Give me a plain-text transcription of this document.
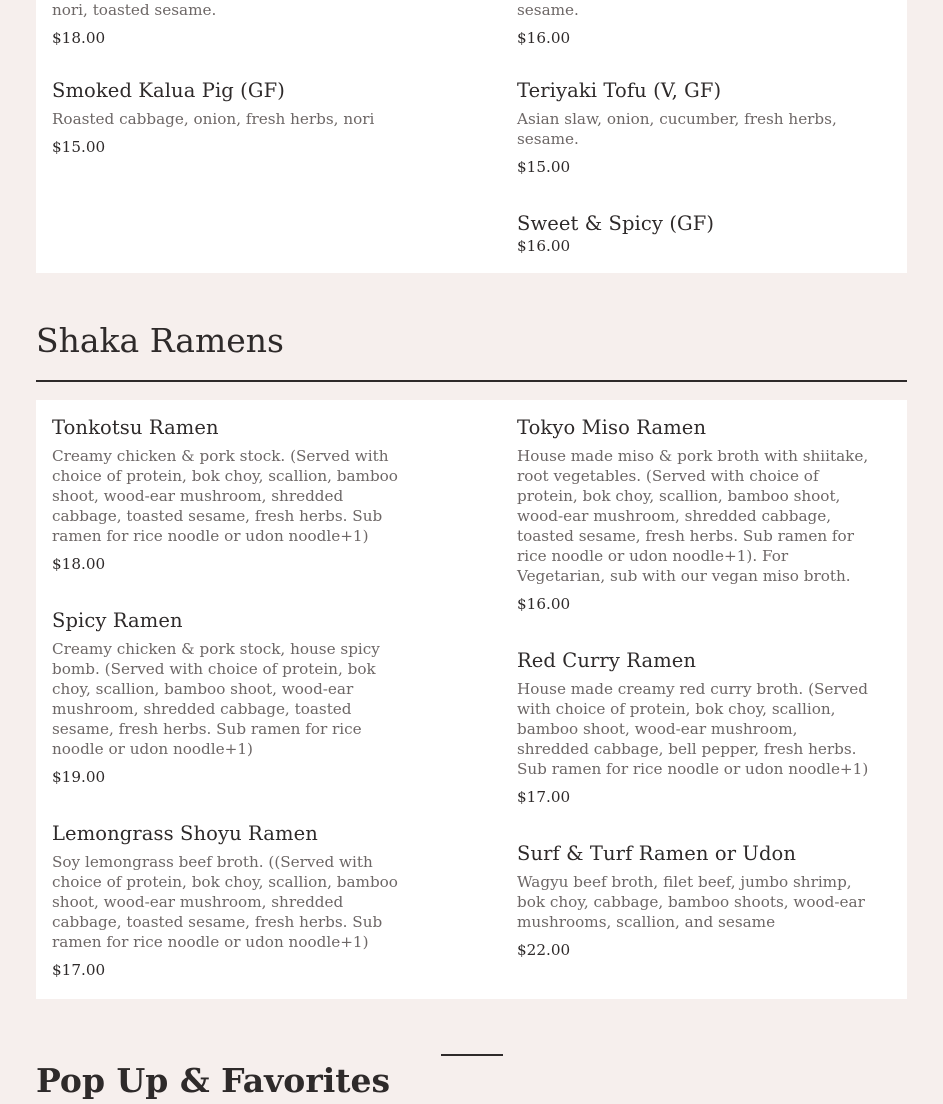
nori, toasted sesame.

$18.00

sesame.

$16.00

Smoked Kalua Pig (GF)

Roasted cabbage, onion, fresh herbs, nori

$15.00

Teriyaki Tofu (V, GF)

Asian slaw, onion, cucumber, fresh herbs, sesame.

$15.00

Sweet & Spicy (GF)

$16.00

Shaka Ramens
Tonkotsu Ramen

Creamy chicken & pork stock. (Served with choice of protein, bok choy, scallion, bamboo shoot, wood-ear mushroom, shredded cabbage, toasted sesame, fresh herbs. Sub ramen for rice noodle or udon noodle+1)

$18.00

Tokyo Miso Ramen

House made miso & pork broth with shiitake, root vegetables. (Served with choice of protein, bok choy, scallion, bamboo shoot, wood-ear mushroom, shredded cabbage, toasted sesame, fresh herbs. Sub ramen for rice noodle or udon noodle+1). For Vegetarian, sub with our vegan miso broth.

$16.00

Spicy Ramen

Creamy chicken & pork stock, house spicy bomb. (Served with choice of protein, bok choy, scallion, bamboo shoot, wood-ear mushroom, shredded cabbage, toasted sesame, fresh herbs. Sub ramen for rice noodle or udon noodle+1)

$19.00

Red Curry Ramen

House made creamy red curry broth. (Served with choice of protein, bok choy, scallion, bamboo shoot, wood-ear mushroom, shredded cabbage, bell pepper, fresh herbs. Sub ramen for rice noodle or udon noodle+1)

$17.00

Lemongrass Shoyu Ramen

Soy lemongrass beef broth. ((Served with choice of protein, bok choy, scallion, bamboo shoot, wood-ear mushroom, shredded cabbage, toasted sesame, fresh herbs. Sub ramen for rice noodle or udon noodle+1)

$17.00

Surf & Turf Ramen or Udon

Wagyu beef broth, filet beef, jumbo shrimp, bok choy, cabbage, bamboo shoots, wood-ear mushrooms, scallion, and sesame

$22.00

Pop Up & Favorites
